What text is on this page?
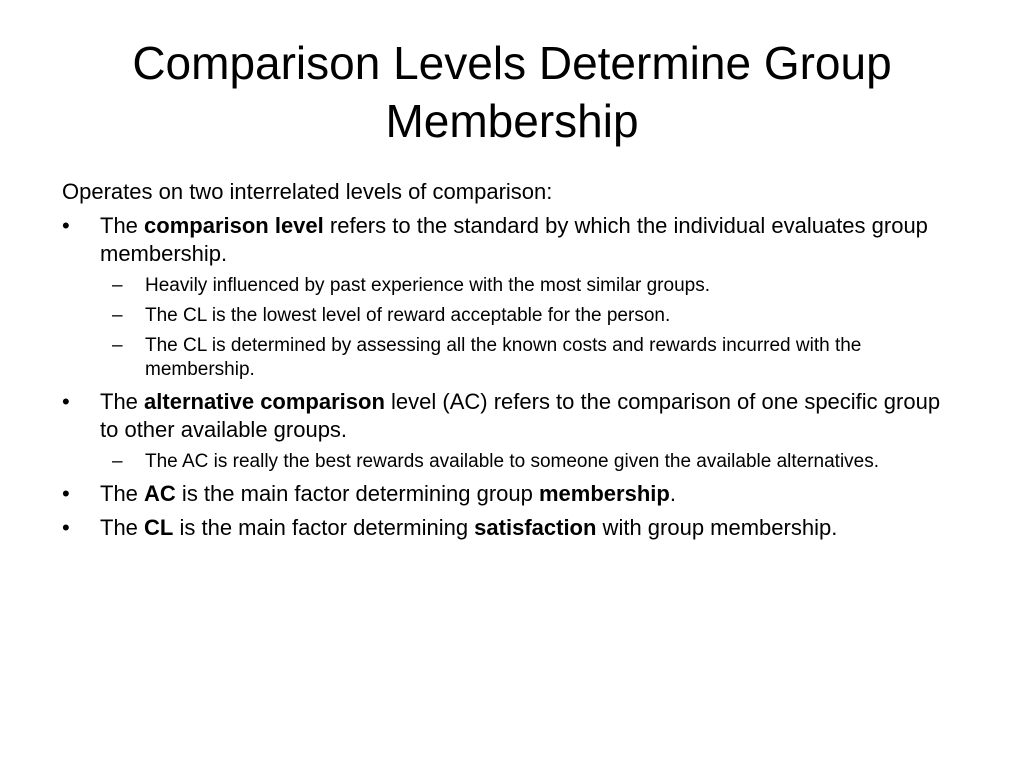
Comparison Levels Determine Group Membership

Operates on two interrelated levels of comparison:

•	The comparison level refers to the standard by which the individual evaluates group membership.
– Heavily influenced by past experience with the most similar groups.
– The CL is the lowest level of reward acceptable for the person.
– The CL is determined by assessing all the known costs and rewards incurred with the membership.
•	The alternative comparison level (AC) refers to the comparison of one specific group to other available groups.
– The AC is really the best rewards available to someone given the available alternatives.
•	The AC is the main factor determining group membership.
•	The CL is the main factor determining satisfaction with group membership.
